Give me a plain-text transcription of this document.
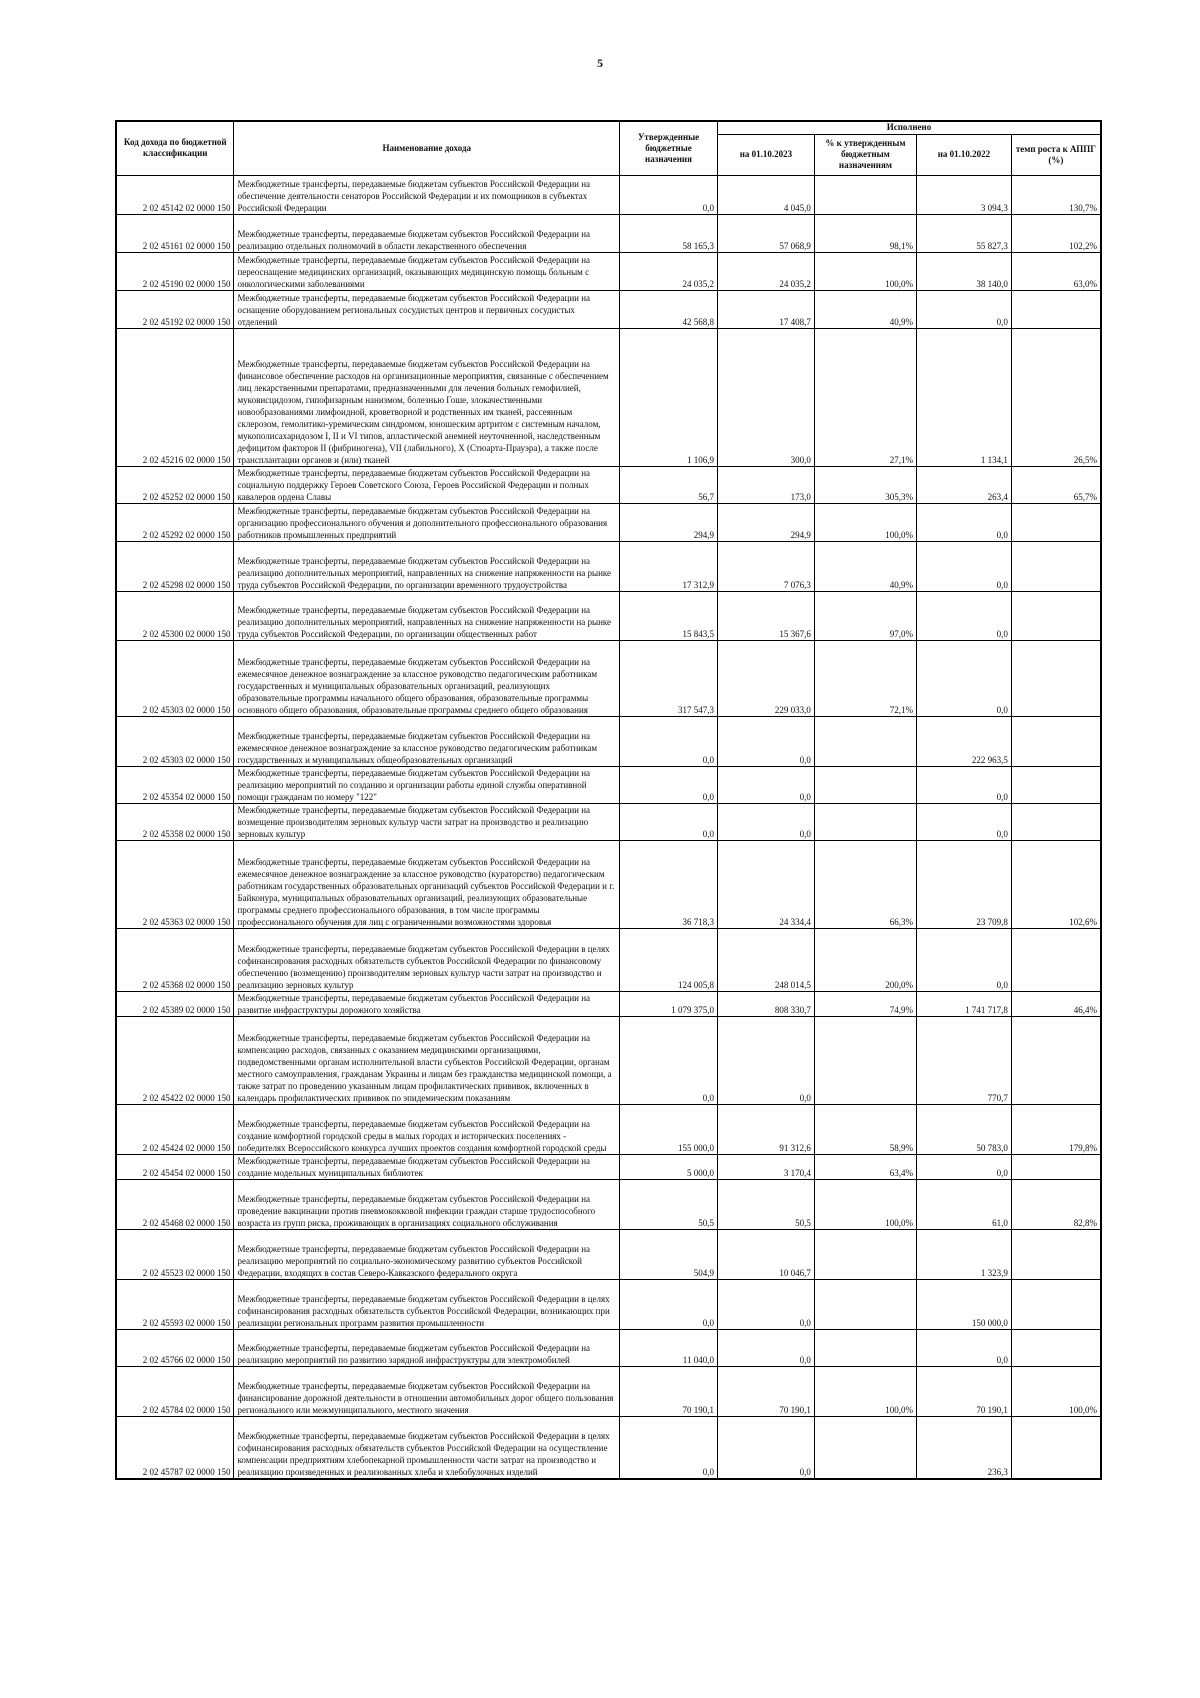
5
Код дохода по бюджетной классификации	Наименование дохода	Утвержденные бюджетные назначения	Исполнено			
			на 01.10.2023	% к утвержденным бюджетным назначениям	на 01.10.2022	темп роста к АППГ (%)
2 02 45142 02 0000 150	Межбюджетные трансферты, передаваемые бюджетам субъектов Российской Федерации на обеспечение деятельности сенаторов Российской Федерации и их помощников в субъектах Российской Федерации	0,0	4 045,0		3 094,3	130,7%
2 02 45161 02 0000 150	Межбюджетные трансферты, передаваемые бюджетам субъектов Российской Федерации на реализацию отдельных полномочий в области лекарственного обеспечения	58 165,3	57 068,9	98,1%	55 827,3	102,2%
2 02 45190 02 0000 150	Межбюджетные трансферты, передаваемые бюджетам субъектов Российской Федерации на переоснащение медицинских организаций, оказывающих медицинскую помощь больным с онкологическими заболеваниями	24 035,2	24 035,2	100,0%	38 140,0	63,0%
2 02 45192 02 0000 150	Межбюджетные трансферты, передаваемые бюджетам субъектов Российской Федерации на оснащение оборудованием региональных сосудистых центров и первичных сосудистых отделений	42 568,8	17 408,7	40,9%	0,0	
2 02 45216 02 0000 150	Межбюджетные трансферты, передаваемые бюджетам субъектов Российской Федерации на финансовое обеспечение расходов на организационные мероприятия, связанные с обеспечением лиц лекарственными препаратами, предназначенными для лечения больных гемофилией, муковисцидозом, гипофизарным нанизмом, болезнью Гоше, злокачественными новообразованиями лимфоидной, кроветворной и родственных им тканей, рассеянным склерозом, гемолитико-уремическим синдромом, юношеским артритом с системным началом, мукополисахаридозом I, II и VI типов, апластической анемией неуточненной, наследственным дефицитом факторов II (фибриногена), VII (лабильного), X (Стюарта-Прауэра), а также после трансплантации органов и (или) тканей	1 106,9	300,0	27,1%	1 134,1	26,5%
2 02 45252 02 0000 150	Межбюджетные трансферты, передаваемые бюджетам субъектов Российской Федерации на социальную поддержку Героев Советского Союза, Героев Российской Федерации и полных кавалеров ордена Славы	56,7	173,0	305,3%	263,4	65,7%
2 02 45292 02 0000 150	Межбюджетные трансферты, передаваемые бюджетам субъектов Российской Федерации на организацию профессионального обучения и дополнительного профессионального образования работников промышленных предприятий	294,9	294,9	100,0%	0,0	
2 02 45298 02 0000 150	Межбюджетные трансферты, передаваемые бюджетам субъектов Российской Федерации на реализацию дополнительных мероприятий, направленных на снижение напряженности на рынке труда субъектов Российской Федерации, по организации временного трудоустройства	17 312,9	7 076,3	40,9%	0,0	
2 02 45300 02 0000 150	Межбюджетные трансферты, передаваемые бюджетам субъектов Российской Федерации на реализацию дополнительных мероприятий, направленных на снижение напряженности на рынке труда субъектов Российской Федерации, по организации общественных работ	15 843,5	15 367,6	97,0%	0,0	
2 02 45303 02 0000 150	Межбюджетные трансферты, передаваемые бюджетам субъектов Российской Федерации на ежемесячное денежное вознаграждение за классное руководство педагогическим работникам государственных и муниципальных образовательных организаций, реализующих образовательные программы начального общего образования, образовательные программы основного общего образования, образовательные программы среднего общего образования	317 547,3	229 033,0	72,1%	0,0	
2 02 45303 02 0000 150	Межбюджетные трансферты, передаваемые бюджетам субъектов Российской Федерации на ежемесячное денежное вознаграждение за классное руководство педагогическим работникам государственных и муниципальных общеобразовательных организаций	0,0	0,0		222 963,5	
2 02 45354 02 0000 150	Межбюджетные трансферты, передаваемые бюджетам субъектов Российской Федерации на реализацию мероприятий по созданию и организации работы единой службы оперативной помощи гражданам по номеру "122"	0,0	0,0		0,0	
2 02 45358 02 0000 150	Межбюджетные трансферты, передаваемые бюджетам субъектов Российской Федерации на возмещение производителям зерновых культур части затрат на производство и реализацию зерновых культур	0,0	0,0		0,0	
2 02 45363 02 0000 150	Межбюджетные трансферты, передаваемые бюджетам субъектов Российской Федерации на ежемесячное денежное вознаграждение за классное руководство (кураторство) педагогическим работникам государственных образовательных организаций субъектов Российской Федерации и г. Байконура, муниципальных образовательных организаций, реализующих образовательные программы среднего профессионального образования, в том числе программы профессионального обучения для лиц с ограниченными возможностями здоровья	36 718,3	24 334,4	66,3%	23 709,8	102,6%
2 02 45368 02 0000 150	Межбюджетные трансферты, передаваемые бюджетам субъектов Российской Федерации в целях софинансирования расходных обязательств субъектов Российской Федерации по финансовому обеспечению (возмещению) производителям зерновых культур части затрат на производство и реализацию зерновых культур	124 005,8	248 014,5	200,0%	0,0	
2 02 45389 02 0000 150	Межбюджетные трансферты, передаваемые бюджетам субъектов Российской Федерации на развитие инфраструктуры дорожного хозяйства	1 079 375,0	808 330,7	74,9%	1 741 717,8	46,4%
2 02 45422 02 0000 150	Межбюджетные трансферты, передаваемые бюджетам субъектов Российской Федерации на компенсацию расходов, связанных с оказанием медицинскими организациями, подведомственными органам исполнительной власти субъектов Российской Федерации, органам местного самоуправления, гражданам Украины и лицам без гражданства медицинской помощи, а также затрат по проведению указанным лицам профилактических прививок, включенных в календарь профилактических прививок по эпидемическим показаниям	0,0	0,0		770,7	
2 02 45424 02 0000 150	Межбюджетные трансферты, передаваемые бюджетам субъектов Российской Федерации на создание комфортной городской среды в малых городах и исторических поселениях - победителях Всероссийского конкурса лучших проектов создания комфортной городской среды	155 000,0	91 312,6	58,9%	50 783,0	179,8%
2 02 45454 02 0000 150	Межбюджетные трансферты, передаваемые бюджетам субъектов Российской Федерации на создание модельных муниципальных библиотек	5 000,0	3 170,4	63,4%	0,0	
2 02 45468 02 0000 150	Межбюджетные трансферты, передаваемые бюджетам субъектов Российской Федерации на проведение вакцинации против пневмококковой инфекции граждан старше трудоспособного возраста из групп риска, проживающих в организациях социального обслуживания	50,5	50,5	100,0%	61,0	82,8%
2 02 45523 02 0000 150	Межбюджетные трансферты, передаваемые бюджетам субъектов Российской Федерации на реализацию мероприятий по социально-экономическому развитию субъектов Российской Федерации, входящих в состав Северо-Кавказского федерального округа	504,9	10 046,7		1 323,9	
2 02 45593 02 0000 150	Межбюджетные трансферты, передаваемые бюджетам субъектов Российской Федерации в целях софинансирования расходных обязательств субъектов Российской Федерации, возникающих при реализации региональных программ развития промышленности	0,0	0,0		150 000,0	
2 02 45766 02 0000 150	Межбюджетные трансферты, передаваемые бюджетам субъектов Российской Федерации на реализацию мероприятий по развитию зарядной инфраструктуры для электромобилей	11 040,0	0,0		0,0	
2 02 45784 02 0000 150	Межбюджетные трансферты, передаваемые бюджетам субъектов Российской Федерации на финансирование дорожной деятельности в отношении автомобильных дорог общего пользования регионального или межмуниципального, местного значения	70 190,1	70 190,1	100,0%	70 190,1	100,0%
2 02 45787 02 0000 150	Межбюджетные трансферты, передаваемые бюджетам субъектов Российской Федерации в целях софинансирования расходных обязательств субъектов Российской Федерации на осуществление компенсации предприятиям хлебопекарной промышленности части затрат на производство и реализацию произведенных и реализованных хлеба и хлебобулочных изделий	0,0	0,0		236,3	
